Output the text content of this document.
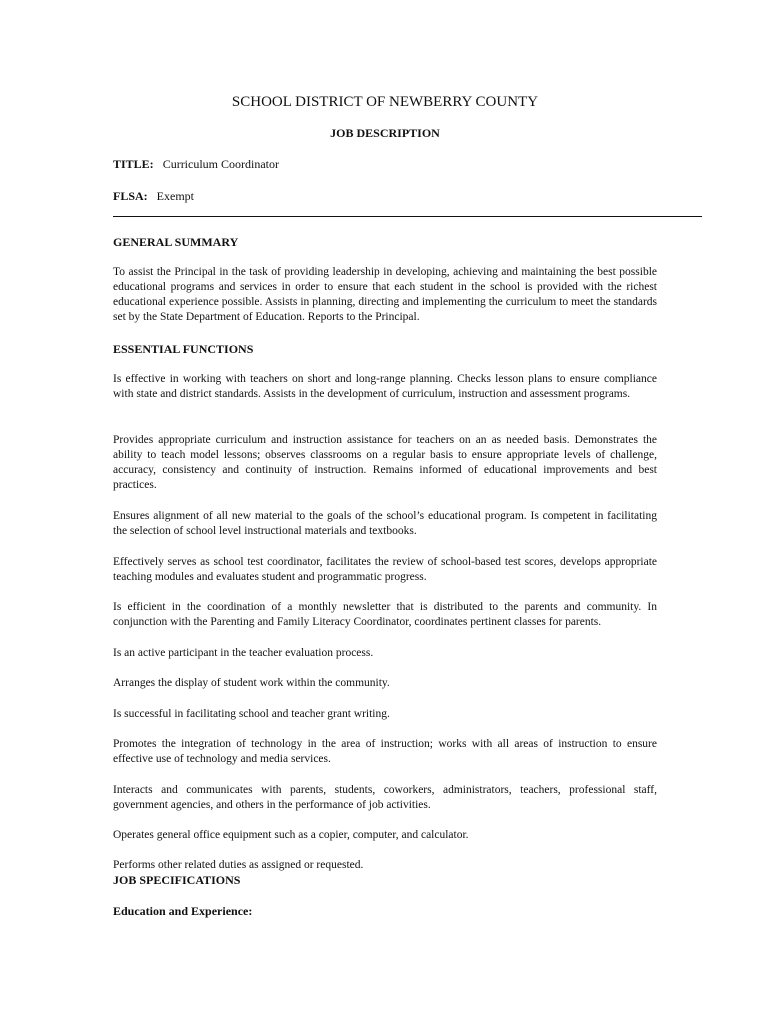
SCHOOL DISTRICT OF NEWBERRY COUNTY
JOB DESCRIPTION
TITLE: Curriculum Coordinator
FLSA: Exempt
GENERAL SUMMARY
To assist the Principal in the task of providing leadership in developing, achieving and maintaining the best possible educational programs and services in order to ensure that each student in the school is provided with the richest educational experience possible. Assists in planning, directing and implementing the curriculum to meet the standards set by the State Department of Education. Reports to the Principal.
ESSENTIAL FUNCTIONS
Is effective in working with teachers on short and long-range planning. Checks lesson plans to ensure compliance with state and district standards. Assists in the development of curriculum, instruction and assessment programs.
Provides appropriate curriculum and instruction assistance for teachers on an as needed basis. Demonstrates the ability to teach model lessons; observes classrooms on a regular basis to ensure appropriate levels of challenge, accuracy, consistency and continuity of instruction. Remains informed of educational improvements and best practices.
Ensures alignment of all new material to the goals of the school’s educational program. Is competent in facilitating the selection of school level instructional materials and textbooks.
Effectively serves as school test coordinator, facilitates the review of school-based test scores, develops appropriate teaching modules and evaluates student and programmatic progress.
Is efficient in the coordination of a monthly newsletter that is distributed to the parents and community. In conjunction with the Parenting and Family Literacy Coordinator, coordinates pertinent classes for parents.
Is an active participant in the teacher evaluation process.
Arranges the display of student work within the community.
Is successful in facilitating school and teacher grant writing.
Promotes the integration of technology in the area of instruction; works with all areas of instruction to ensure effective use of technology and media services.
Interacts and communicates with parents, students, coworkers, administrators, teachers, professional staff, government agencies, and others in the performance of job activities.
Operates general office equipment such as a copier, computer, and calculator.
Performs other related duties as assigned or requested.
JOB SPECIFICATIONS
Education and Experience:
